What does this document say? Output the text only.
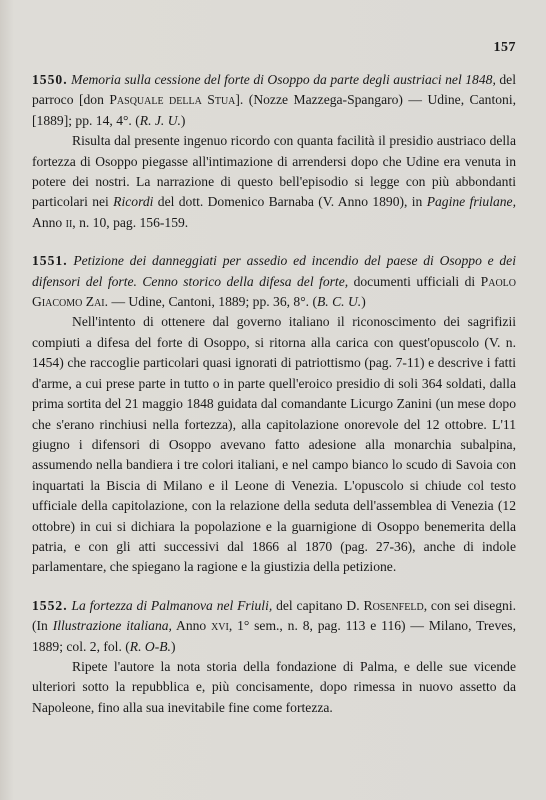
157

1550. Memoria sulla cessione del forte di Osoppo da parte degli austriaci nel 1848, del parroco [don Pasquale della Stua]. (Nozze Mazzega-Spangaro) — Udine, Cantoni, [1889]; pp. 14, 4°. (R. J. U.)

Risulta dal presente ingenuo ricordo con quanta facilità il presidio austriaco della fortezza di Osoppo piegasse all'intimazione di arrendersi dopo che Udine era venuta in potere dei nostri. La narrazione di questo bell'episodio si legge con più abbondanti particolari nei Ricordi del dott. Domenico Barnaba (V. Anno 1890), in Pagine friulane, Anno ii, n. 10, pag. 156-159.

1551. Petizione dei danneggiati per assedio ed incendio del paese di Osoppo e dei difensori del forte. Cenno storico della difesa del forte, documenti ufficiali di Paolo Giacomo Zai. — Udine, Cantoni, 1889; pp. 36, 8°. (B. C. U.)

Nell'intento di ottenere dal governo italiano il riconoscimento dei sagrifizii compiuti a difesa del forte di Osoppo, si ritorna alla carica con quest'opuscolo (V. n. 1454) che raccoglie particolari quasi ignorati di patriottismo (pag. 7-11) e descrive i fatti d'arme, a cui prese parte in tutto o in parte quell'eroico presidio di soli 364 soldati, dalla prima sortita del 21 maggio 1848 guidata dal comandante Licurgo Zanini (un mese dopo che s'erano rinchiusi nella fortezza), alla capitolazione onorevole del 12 ottobre. L'11 giugno i difensori di Osoppo avevano fatto adesione alla monarchia subalpina, assumendo nella bandiera i tre colori italiani, e nel campo bianco lo scudo di Savoia con inquartati la Biscia di Milano e il Leone di Venezia. L'opuscolo si chiude col testo ufficiale della capitolazione, con la relazione della seduta dell'assemblea di Venezia (12 ottobre) in cui si dichiara la popolazione e la guarnigione di Osoppo benemerita della patria, e con gli atti successivi dal 1866 al 1870 (pag. 27-36), anche di indole parlamentare, che spiegano la ragione e la giustizia della petizione.

1552. La fortezza di Palmanova nel Friuli, del capitano D. Rosenfeld, con sei disegni. (In Illustrazione italiana, Anno xvi, 1° sem., n. 8, pag. 113 e 116) — Milano, Treves, 1889; col. 2, fol. (R. O-B.)

Ripete l'autore la nota storia della fondazione di Palma, e delle sue vicende ulteriori sotto la repubblica e, più concisamente, dopo rimessa in nuovo assetto da Napoleone, fino alla sua inevitabile fine come fortezza.
